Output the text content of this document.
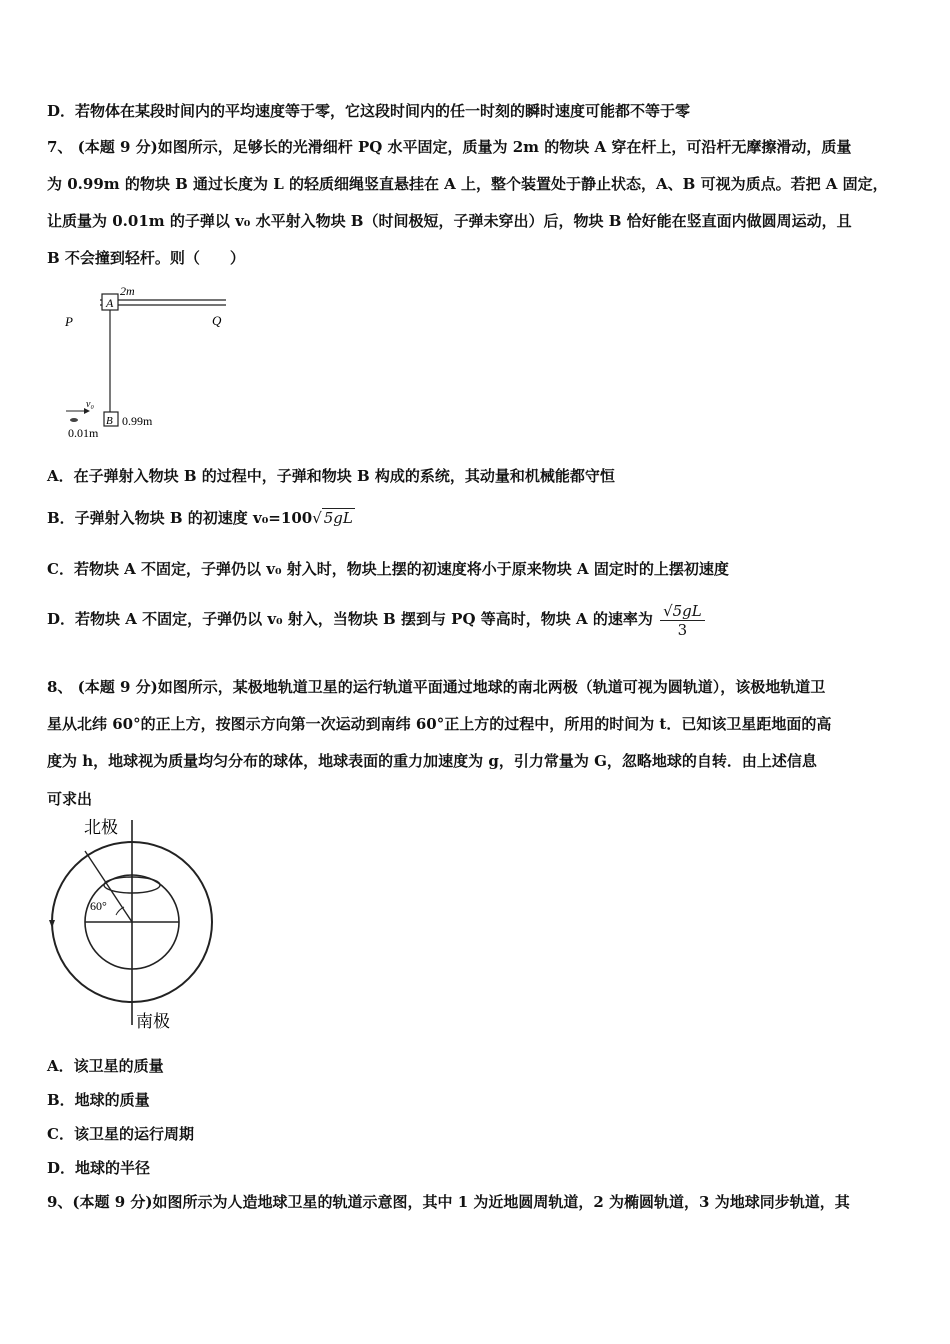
D．若物体在某段时间内的平均速度等于零，它这段时间内的任一时刻的瞬时速度可能都不等于零
7、 (本题 9 分)如图所示，足够长的光滑细杆 PQ 水平固定，质量为 2m 的物块 A 穿在杆上，可沿杆无摩擦滑动，质量
为 0.99m 的物块 B 通过长度为 L 的轻质细绳竖直悬挂在 A 上，整个装置处于静止状态，A、B 可视为质点。若把 A 固定，
让质量为 0.01m 的子弹以 v₀ 水平射入物块 B（时间极短，子弹未穿出）后，物块 B 恰好能在竖直面内做圆周运动，且
B 不会撞到轻杆。则（　　）
A
2m
P	Q
B 0.99m
v₀
0.01m
A．在子弹射入物块 B 的过程中，子弹和物块 B 构成的系统，其动量和机械能都守恒
B．子弹射入物块 B 的初速度 v₀=100√ 5gL
C．若物块 A 不固定，子弹仍以 v₀ 射入时，物块上摆的初速度将小于原来物块 A 固定时的上摆初速度
D．若物块 A 不固定，子弹仍以 v₀ 射入，当物块 B 摆到与 PQ 等高时，物块 A 的速率为 $\frac{√5gL}{3}$
8、 (本题 9 分)如图所示，某极地轨道卫星的运行轨道平面通过地球的南北两极（轨道可视为圆轨道），该极地轨道卫
星从北纬 60°的正上方，按图示方向第一次运动到南纬 60°正上方的过程中，所用的时间为 t．已知该卫星距地面的高
度为 h，地球视为质量均匀分布的球体，地球表面的重力加速度为 g，引力常量为 G，忽略地球的自转．由上述信息
可求出
60°
北极
南极
A．该卫星的质量
B．地球的质量
C．该卫星的运行周期
D．地球的半径
9、(本题 9 分)如图所示为人造地球卫星的轨道示意图，其中 1 为近地圆周轨道，2 为椭圆轨道，3 为地球同步轨道，其
